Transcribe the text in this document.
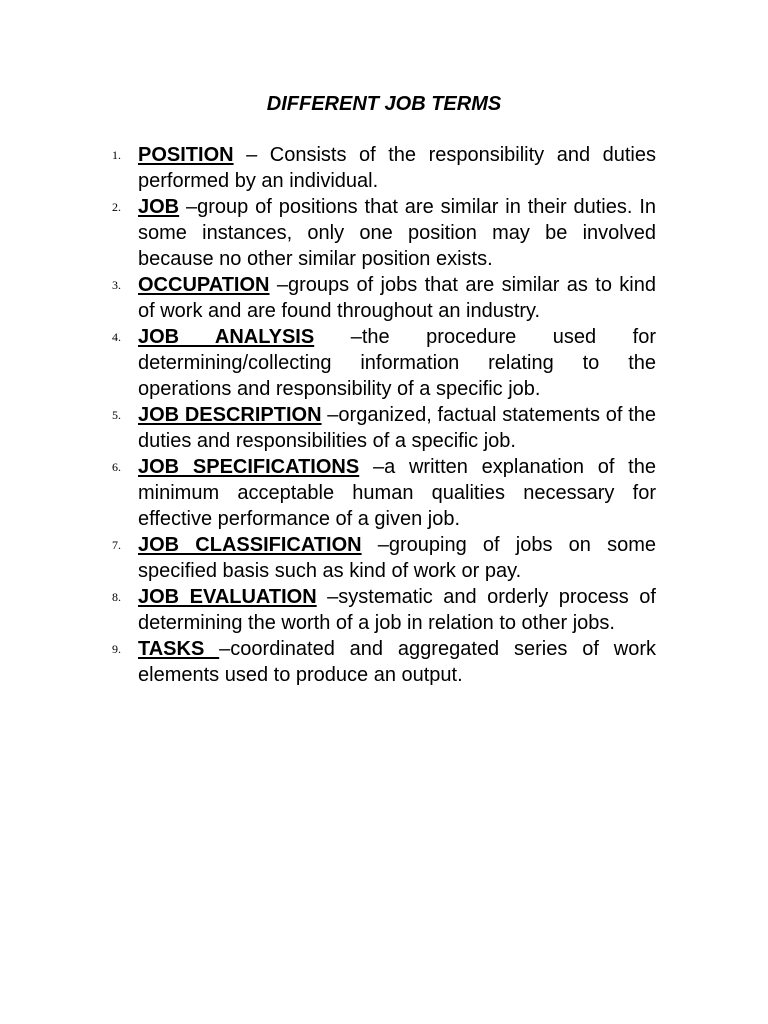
DIFFERENT JOB TERMS
1. POSITION – Consists of the responsibility and duties performed by an individual.
2. JOB –group of positions that are similar in their duties. In some instances, only one position may be involved because no other similar position exists.
3. OCCUPATION –groups of jobs that are similar as to kind of work and are found throughout an industry.
4. JOB ANALYSIS –the procedure used for determining/collecting information relating to the operations and responsibility of a specific job.
5. JOB DESCRIPTION –organized, factual statements of the duties and responsibilities of a specific job.
6. JOB SPECIFICATIONS –a written explanation of the minimum acceptable human qualities necessary for effective performance of a given job.
7. JOB CLASSIFICATION –grouping of jobs on some specified basis such as kind of work or pay.
8. JOB EVALUATION –systematic and orderly process of determining the worth of a job in relation to other jobs.
9. TASKS –coordinated and aggregated series of work elements used to produce an output.
